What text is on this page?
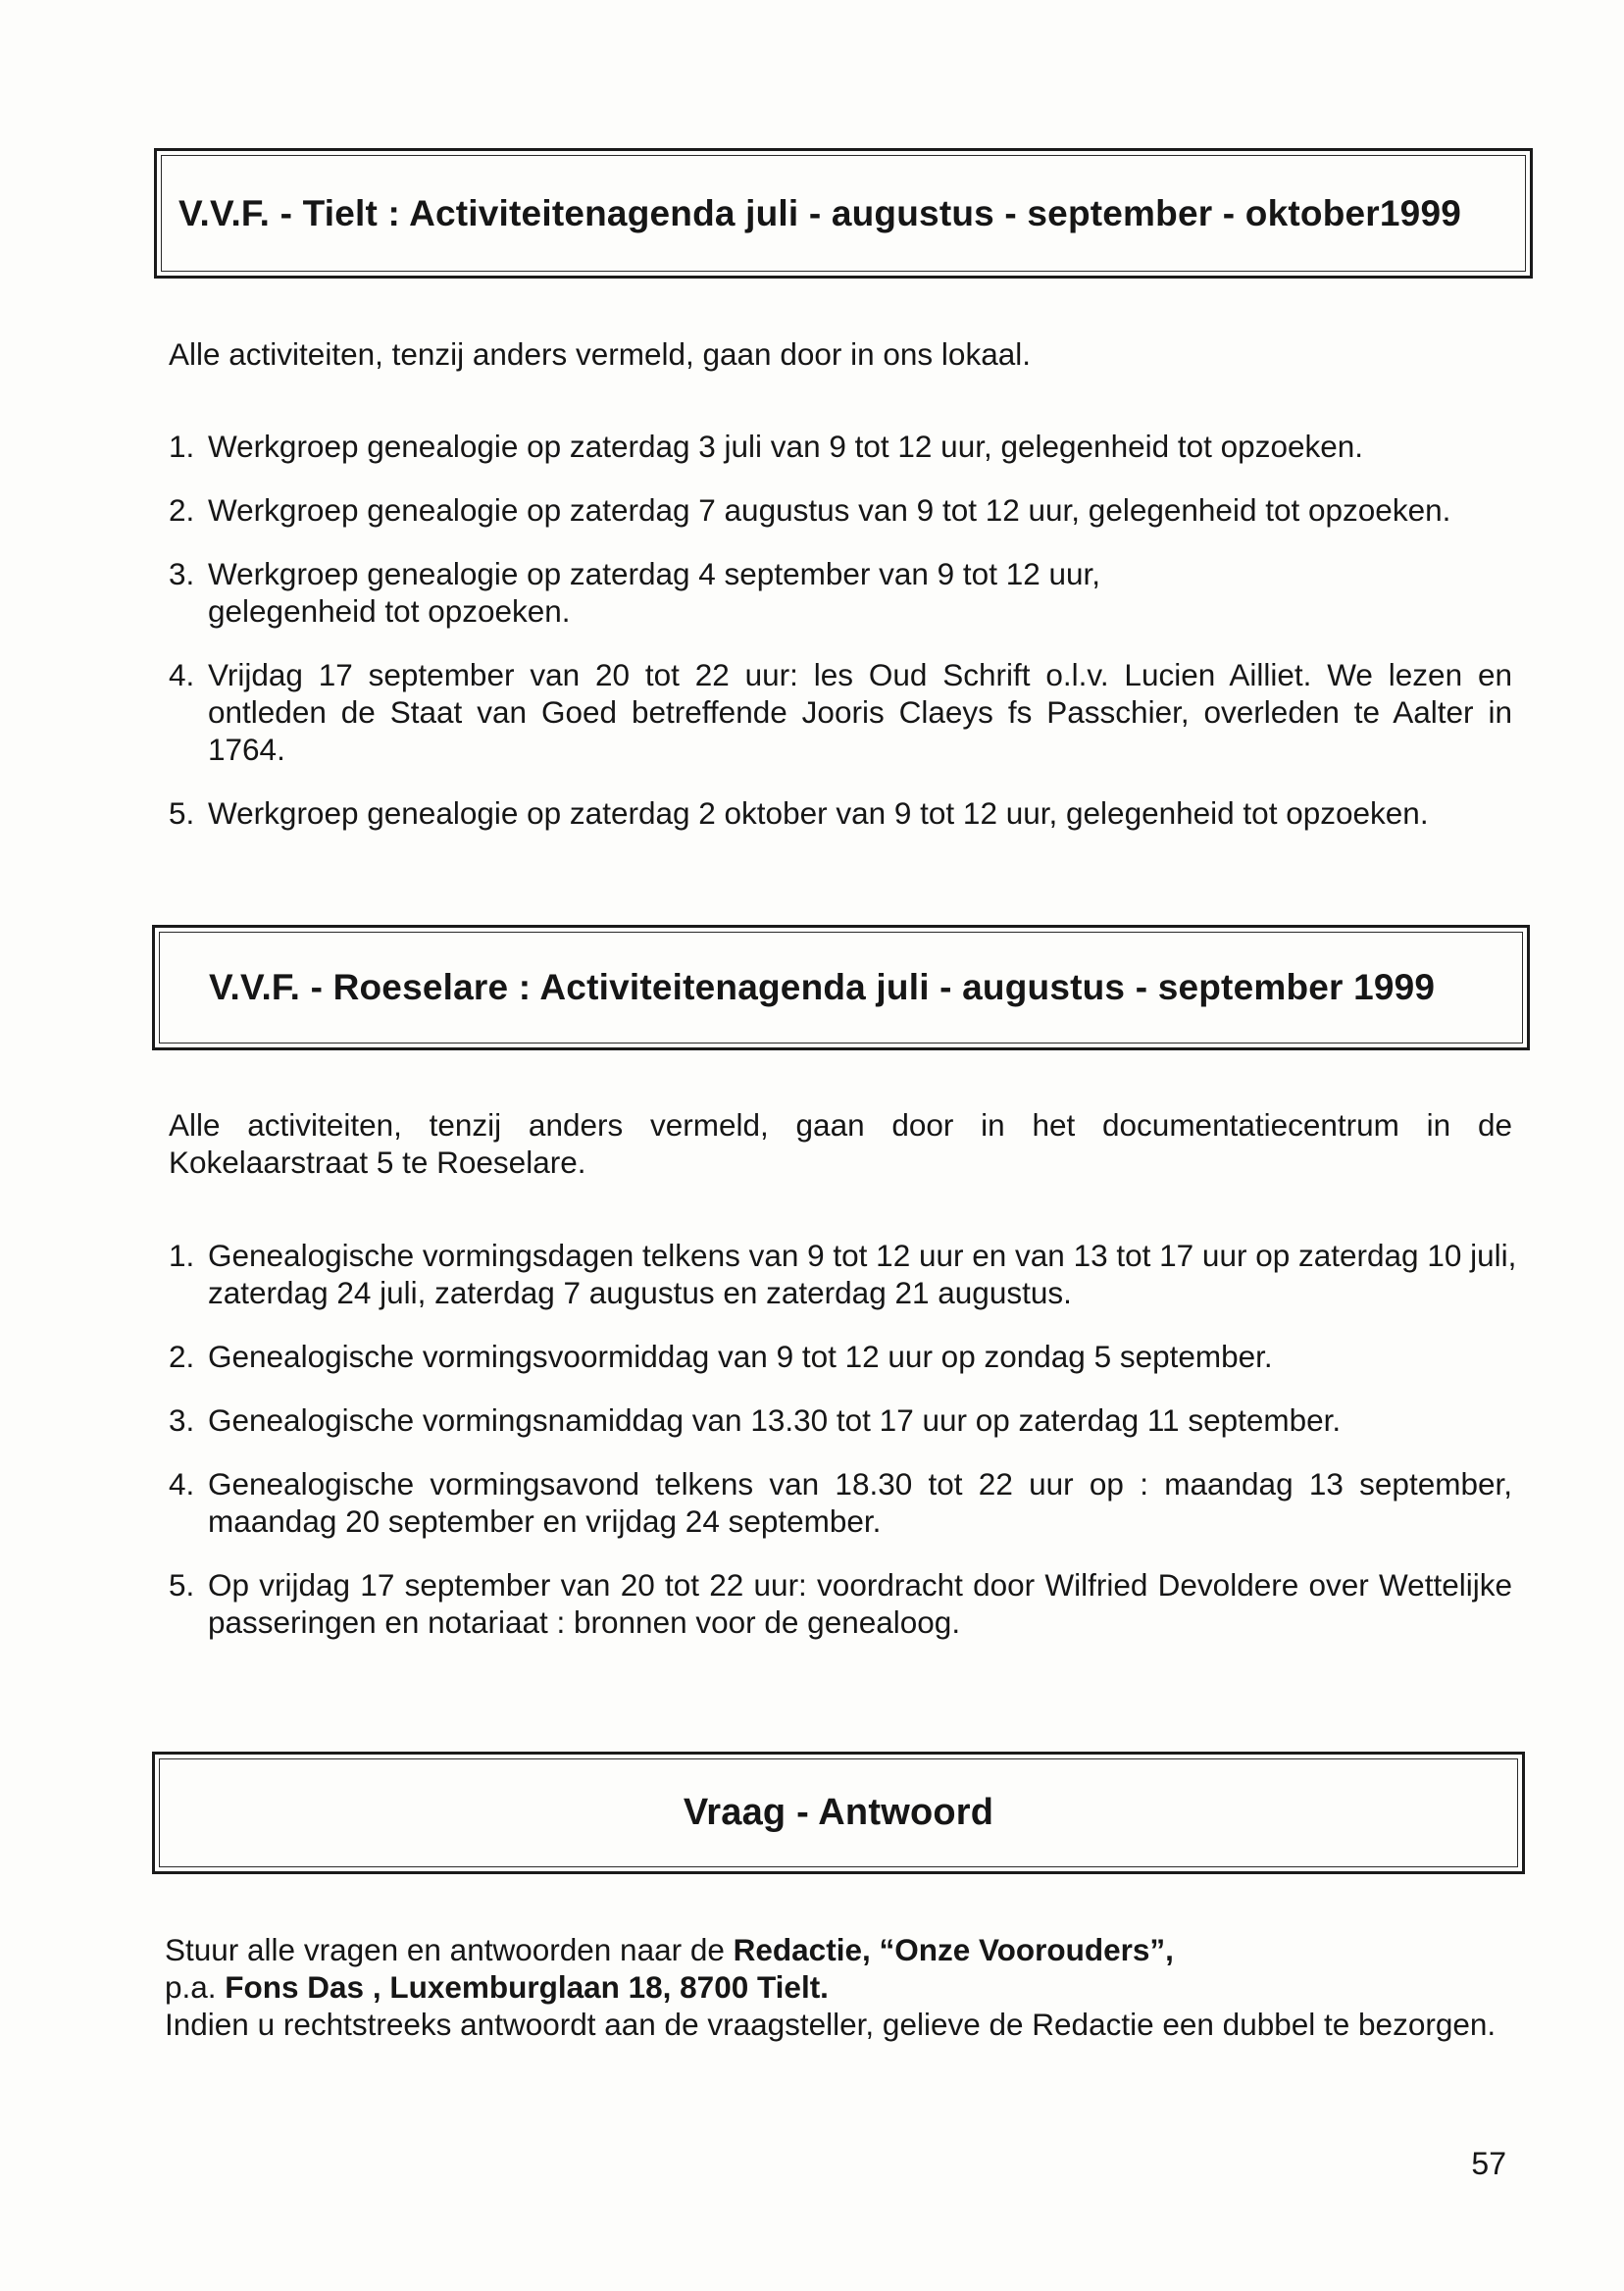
V.V.F. - Tielt : Activiteitenagenda juli - augustus - september - oktober1999

Alle activiteiten, tenzij anders vermeld, gaan door in ons lokaal.

1. Werkgroep genealogie op zaterdag 3 juli van 9 tot 12 uur, gelegenheid tot opzoeken.
2. Werkgroep genealogie op zaterdag 7 augustus van 9 tot 12 uur, gelegenheid tot opzoeken.
3. Werkgroep genealogie op zaterdag 4 september van 9 tot 12 uur, gelegenheid tot opzoeken.
4. Vrijdag 17 september van 20 tot 22 uur: les Oud Schrift o.l.v. Lucien Ailliet. We lezen en ontleden de Staat van Goed betreffende Jooris Claeys fs Passchier, overleden te Aalter in 1764.
5. Werkgroep genealogie op zaterdag 2 oktober van 9 tot 12 uur, gelegenheid tot opzoeken.
V.V.F. - Roeselare : Activiteitenagenda juli - augustus - september 1999

Alle activiteiten, tenzij anders vermeld, gaan door in het documentatiecentrum in de Kokelaarstraat 5 te Roeselare.

1. Genealogische vormingsdagen telkens van 9 tot 12 uur en van 13 tot 17 uur op zaterdag 10 juli, zaterdag 24 juli, zaterdag 7 augustus en zaterdag 21 augustus.
2. Genealogische vormingsvoormiddag van 9 tot 12 uur op zondag 5 september.
3. Genealogische vormingsnamiddag van 13.30 tot 17 uur op zaterdag 11 september.
4. Genealogische vormingsavond telkens van 18.30 tot 22 uur op : maandag 13 september, maandag 20 september en vrijdag 24 september.
5. Op vrijdag 17 september van 20 tot 22 uur: voordracht door Wilfried Devoldere over Wettelijke passeringen en notariaat : bronnen voor de genealoog.
Vraag - Antwoord
Stuur alle vragen en antwoorden naar de Redactie, “Onze Voorouders”,
p.a. Fons Das , Luxemburglaan 18, 8700 Tielt.
Indien u rechtstreeks antwoordt aan de vraagsteller, gelieve de Redactie een dubbel te bezorgen.
57
